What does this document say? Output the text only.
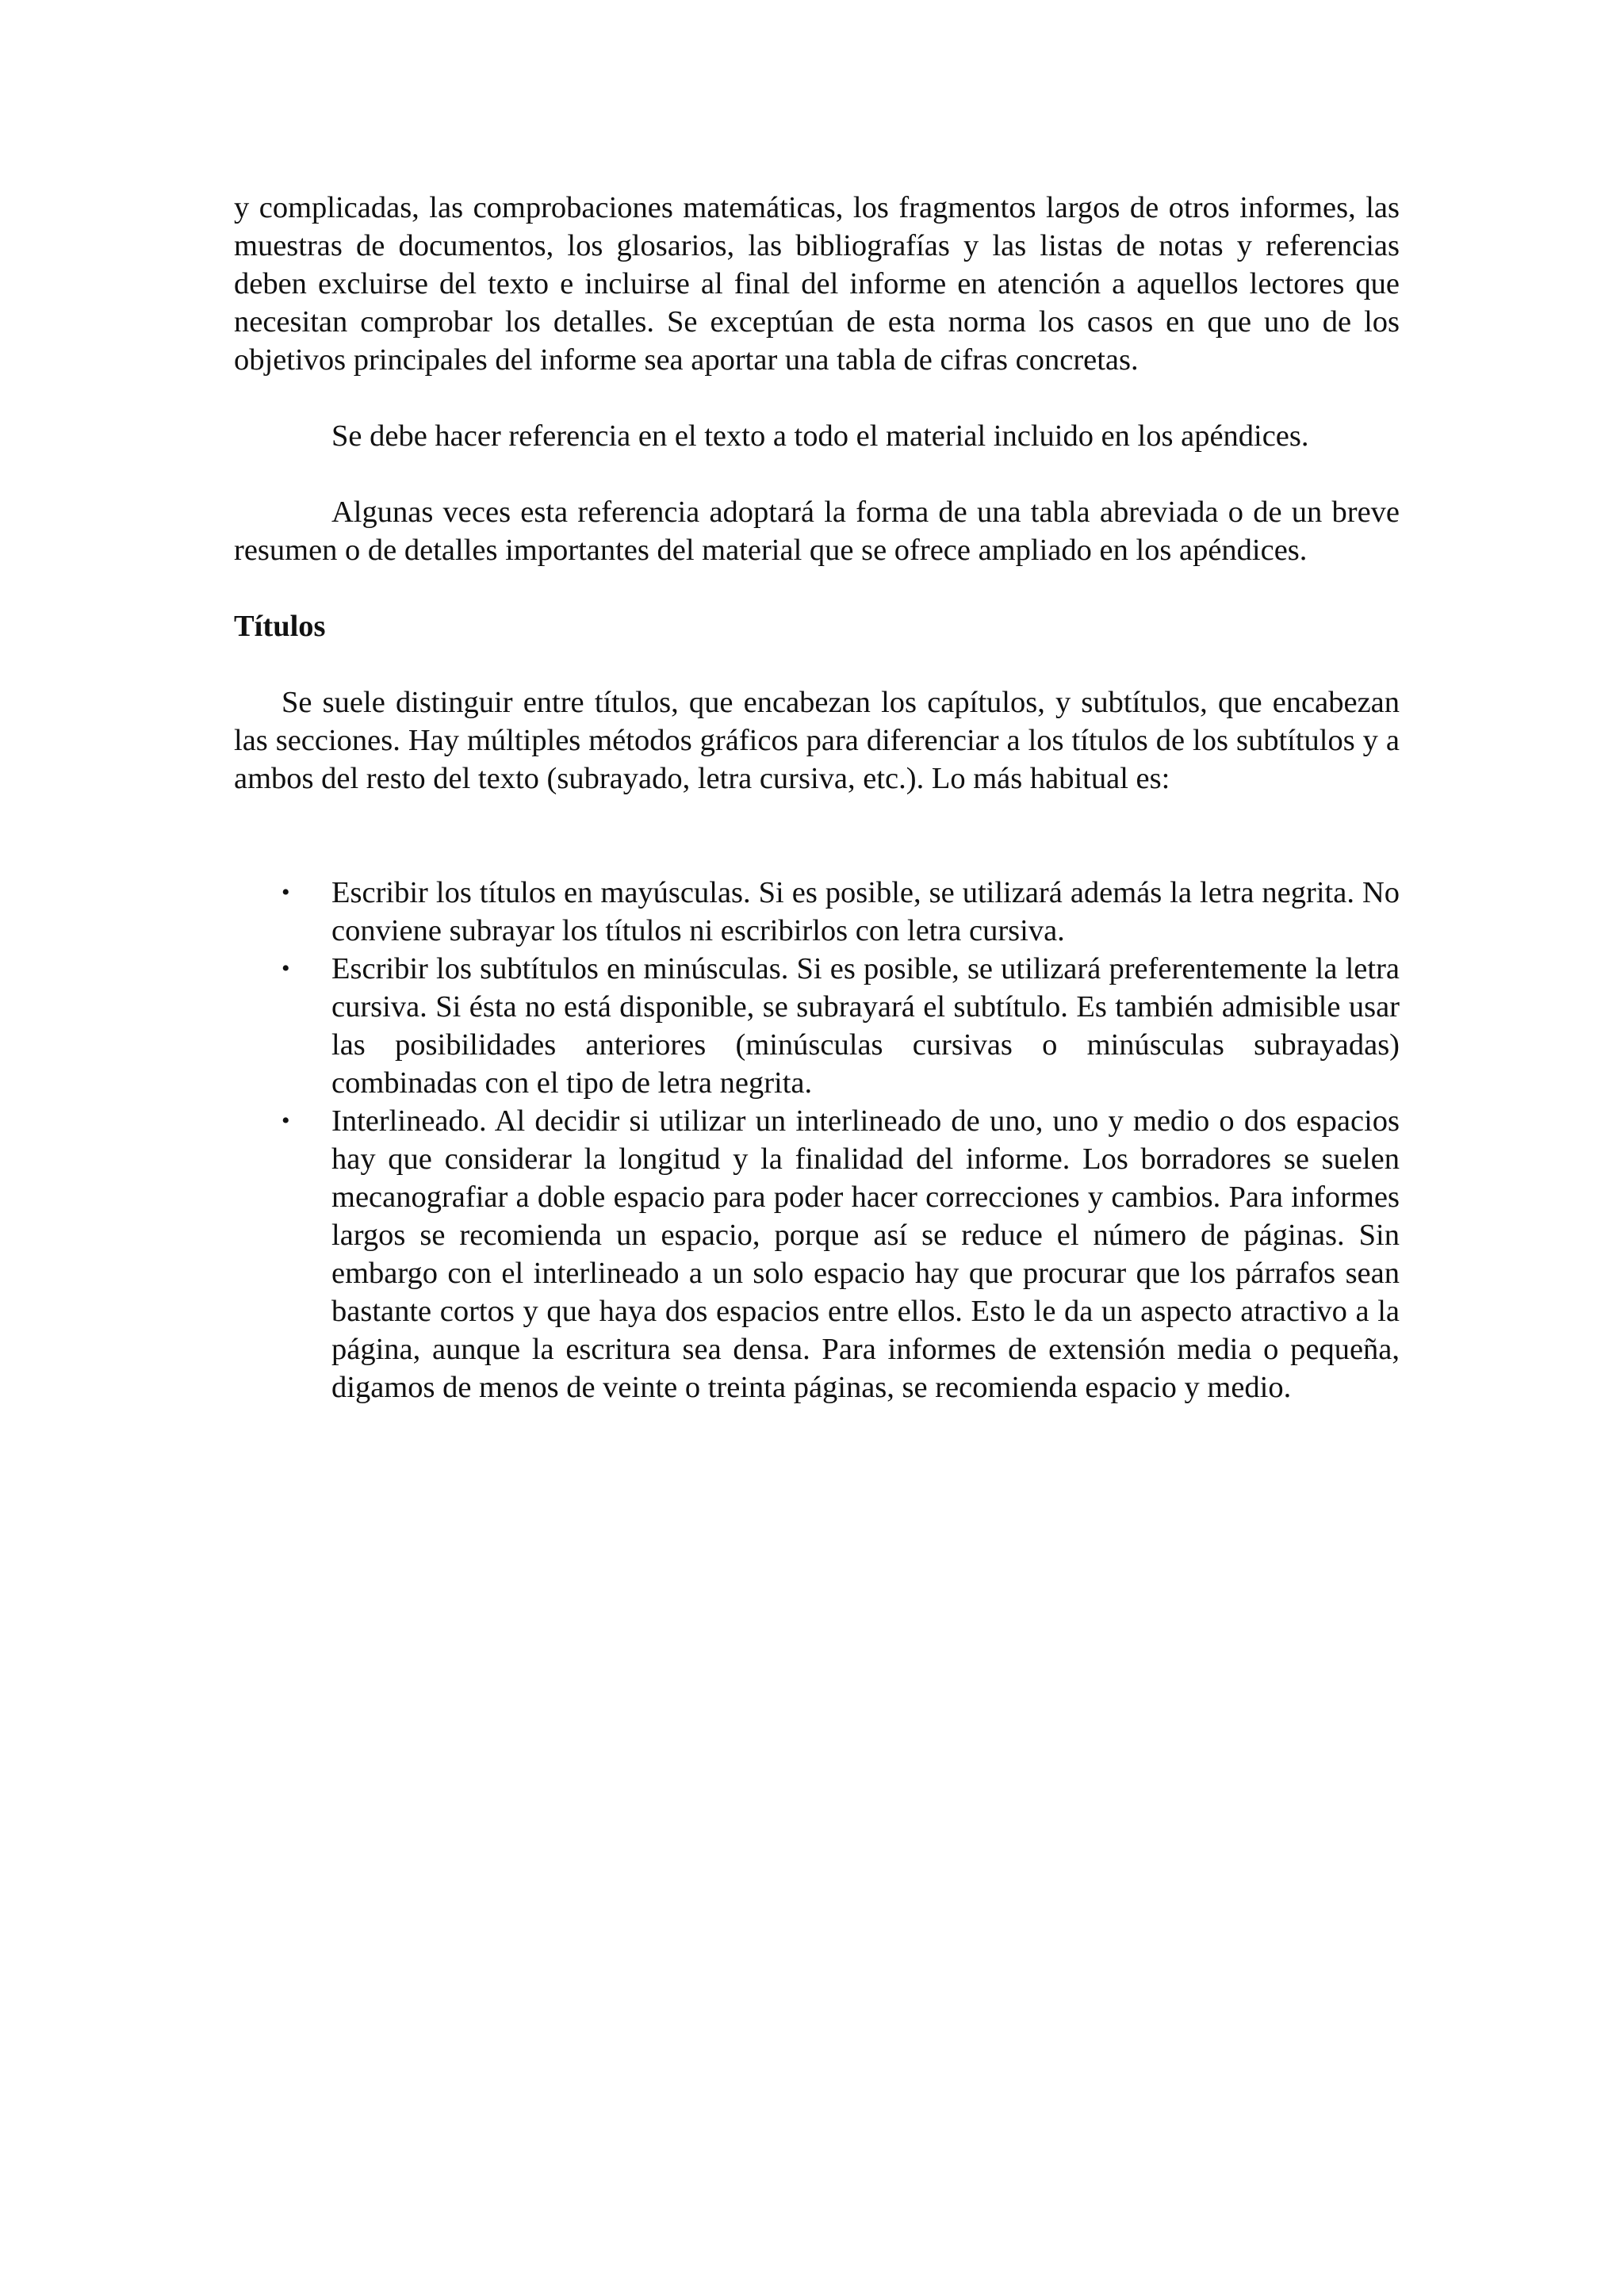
y complicadas, las comprobaciones matemáticas, los fragmentos largos de otros informes, las muestras de documentos, los glosarios, las bibliografías y las listas de notas y referencias deben excluirse del texto e incluirse al final del informe en atención a aquellos lectores que necesitan comprobar los detalles. Se exceptúan de esta norma los casos en que uno de los objetivos principales del informe sea aportar una tabla de cifras concretas.

Se debe hacer referencia en el texto a todo el material incluido en los apéndices.

Algunas veces esta referencia adoptará la forma de una tabla abreviada o de un breve resumen o de detalles importantes del material que se ofrece ampliado en los apéndices.

Títulos

Se suele distinguir entre títulos, que encabezan los capítulos, y subtítulos, que encabezan las secciones. Hay múltiples métodos gráficos para diferenciar a los títulos de los subtítulos y a ambos del resto del texto (subrayado, letra cursiva, etc.). Lo más habitual es:

•	Escribir los títulos en mayúsculas. Si es posible, se utilizará además la letra negrita. No conviene subrayar los títulos ni escribirlos con letra cursiva.
•	Escribir los subtítulos en minúsculas. Si es posible, se utilizará preferentemente la letra cursiva. Si ésta no está disponible, se subrayará el subtítulo. Es también admisible usar las posibilidades anteriores (minúsculas cursivas o minúsculas subrayadas) combinadas con el tipo de letra negrita.
•	Interlineado. Al decidir si utilizar un interlineado de uno, uno y medio o dos espacios hay que considerar la longitud y la finalidad del informe. Los borradores se suelen mecanografiar a doble espacio para poder hacer correcciones y cambios. Para informes largos se recomienda un espacio, porque así se reduce el número de páginas. Sin embargo con el interlineado a un solo espacio hay que procurar que los párrafos sean bastante cortos y que haya dos espacios entre ellos. Esto le da un aspecto atractivo a la página, aunque la escritura sea densa. Para informes de extensión media o pequeña, digamos de menos de veinte o treinta páginas, se recomienda espacio y medio.
